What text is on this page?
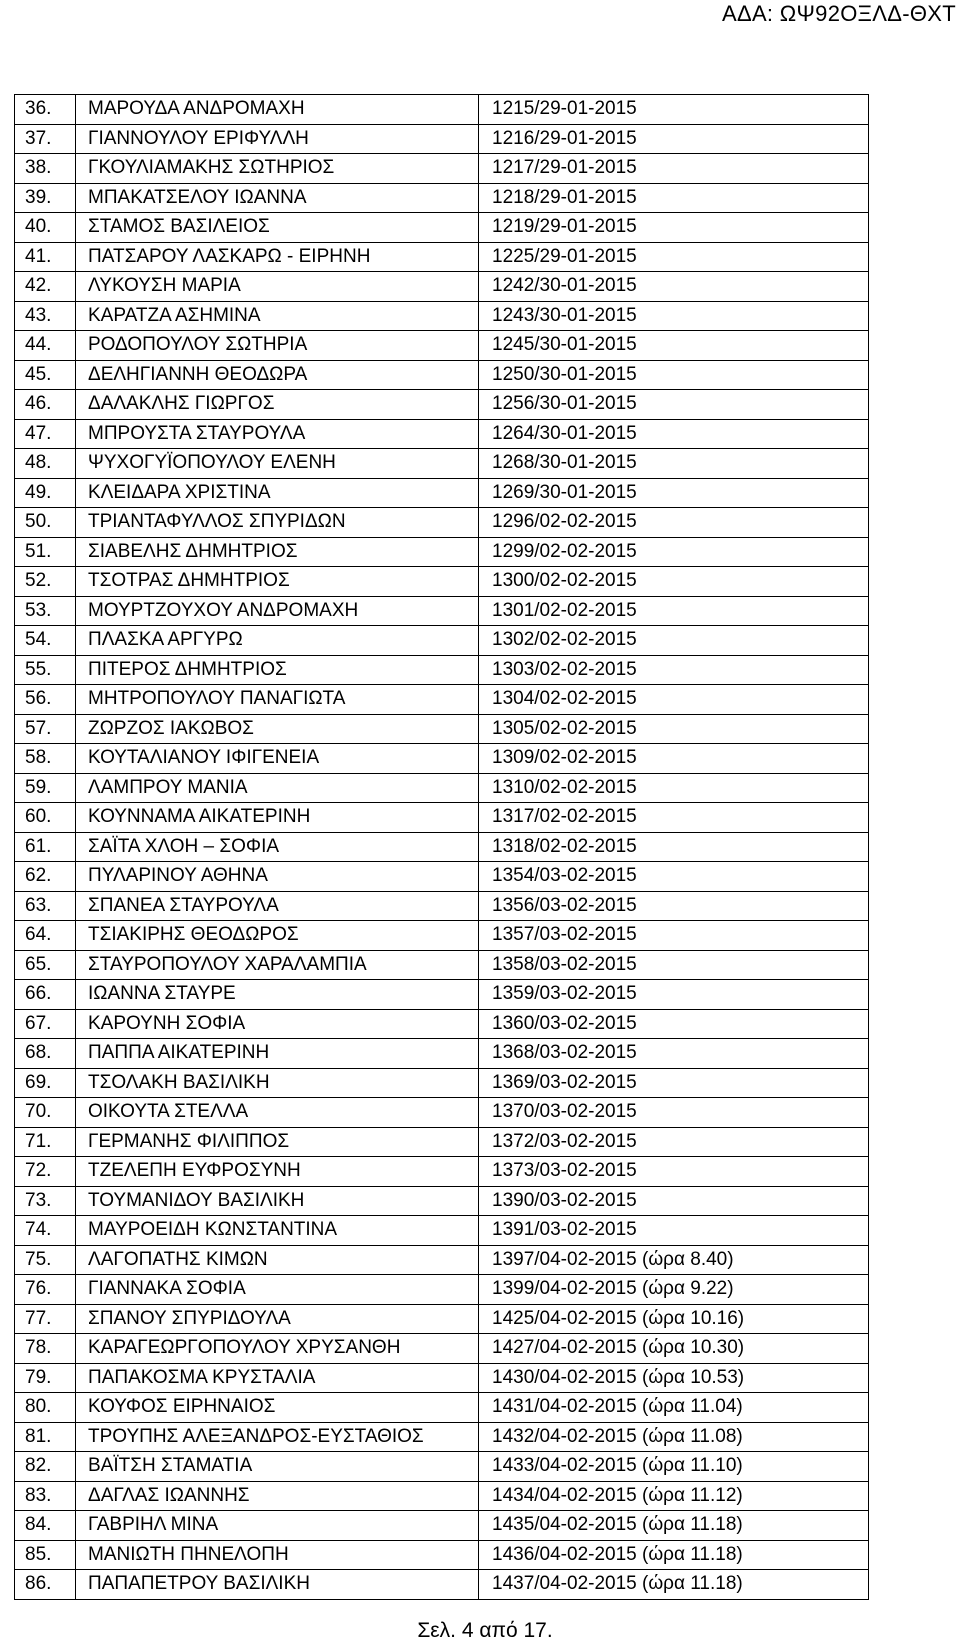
ΑΔΑ: ΩΨ92ΟΞΛΔ-ΘΧΤ
36.	ΜΑΡΟΥΔΑ ΑΝΔΡΟΜΑΧΗ	1215/29-01-2015
37.	ΓΙΑΝΝΟΥΛΟΥ ΕΡΙΦΥΛΛΗ	1216/29-01-2015
38.	ΓΚΟΥΛΙΑΜΑΚΗΣ ΣΩΤΗΡΙΟΣ	1217/29-01-2015
39.	ΜΠΑΚΑΤΣΕΛΟΥ ΙΩΑΝΝΑ	1218/29-01-2015
40.	ΣΤΑΜΟΣ ΒΑΣΙΛΕΙΟΣ	1219/29-01-2015
41.	ΠΑΤΣΑΡΟΥ ΛΑΣΚΑΡΩ - ΕΙΡΗΝΗ	1225/29-01-2015
42.	ΛΥΚΟΥΣΗ ΜΑΡΙΑ	1242/30-01-2015
43.	ΚΑΡΑΤΖΑ ΑΣΗΜΙΝΑ	1243/30-01-2015
44.	ΡΟΔΟΠΟΥΛΟΥ ΣΩΤΗΡΙΑ	1245/30-01-2015
45.	ΔΕΛΗΓΙΑΝΝΗ ΘΕΟΔΩΡΑ	1250/30-01-2015
46.	ΔΑΛΑΚΛΗΣ ΓΙΩΡΓΟΣ	1256/30-01-2015
47.	ΜΠΡΟΥΣΤΑ ΣΤΑΥΡΟΥΛΑ	1264/30-01-2015
48.	ΨΥΧΟΓΥΪΟΠΟΥΛΟΥ ΕΛΕΝΗ	1268/30-01-2015
49.	ΚΛΕΙΔΑΡΑ ΧΡΙΣΤΙΝΑ	1269/30-01-2015
50.	ΤΡΙΑΝΤΑΦΥΛΛΟΣ ΣΠΥΡΙΔΩΝ	1296/02-02-2015
51.	ΣΙΑΒΕΛΗΣ ΔΗΜΗΤΡΙΟΣ	1299/02-02-2015
52.	ΤΣΟΤΡΑΣ ΔΗΜΗΤΡΙΟΣ	1300/02-02-2015
53.	ΜΟΥΡΤΖΟΥΧΟΥ ΑΝΔΡΟΜΑΧΗ	1301/02-02-2015
54.	ΠΛΑΣΚΑ ΑΡΓΥΡΩ	1302/02-02-2015
55.	ΠΙΤΕΡΟΣ ΔΗΜΗΤΡΙΟΣ	1303/02-02-2015
56.	ΜΗΤΡΟΠΟΥΛΟΥ ΠΑΝΑΓΙΩΤΑ	1304/02-02-2015
57.	ΖΩΡΖΟΣ ΙΑΚΩΒΟΣ	1305/02-02-2015
58.	ΚΟΥΤΑΛΙΑΝΟΥ ΙΦΙΓΕΝΕΙΑ	1309/02-02-2015
59.	ΛΑΜΠΡΟΥ ΜΑΝΙΑ	1310/02-02-2015
60.	ΚΟΥΝΝΑΜΑ ΑΙΚΑΤΕΡΙΝΗ	1317/02-02-2015
61.	ΣΑΪΤΑ ΧΛΟΗ – ΣΟΦΙΑ	1318/02-02-2015
62.	ΠΥΛΑΡΙΝΟΥ ΑΘΗΝΑ	1354/03-02-2015
63.	ΣΠΑΝΕΑ ΣΤΑΥΡΟΥΛΑ	1356/03-02-2015
64.	ΤΣΙΑΚΙΡΗΣ ΘΕΟΔΩΡΟΣ	1357/03-02-2015
65.	ΣΤΑΥΡΟΠΟΥΛΟΥ ΧΑΡΑΛΑΜΠΙΑ	1358/03-02-2015
66.	ΙΩΑΝΝΑ ΣΤΑΥΡΕ	1359/03-02-2015
67.	ΚΑΡΟΥΝΗ ΣΟΦΙΑ	1360/03-02-2015
68.	ΠΑΠΠΑ ΑΙΚΑΤΕΡΙΝΗ	1368/03-02-2015
69.	ΤΣΟΛΑΚΗ ΒΑΣΙΛΙΚΗ	1369/03-02-2015
70.	ΟΙΚΟΥΤΑ ΣΤΕΛΛΑ	1370/03-02-2015
71.	ΓΕΡΜΑΝΗΣ ΦΙΛΙΠΠΟΣ	1372/03-02-2015
72.	ΤΖΕΛΕΠΗ ΕΥΦΡΟΣΥΝΗ	1373/03-02-2015
73.	ΤΟΥΜΑΝΙΔΟΥ ΒΑΣΙΛΙΚΗ	1390/03-02-2015
74.	ΜΑΥΡΟΕΙΔΗ ΚΩΝΣΤΑΝΤΙΝΑ	1391/03-02-2015
75.	ΛΑΓΟΠΑΤΗΣ ΚΙΜΩΝ	1397/04-02-2015 (ώρα 8.40)
76.	ΓΙΑΝΝΑΚΑ ΣΟΦΙΑ	1399/04-02-2015 (ώρα 9.22)
77.	ΣΠΑΝΟΥ ΣΠΥΡΙΔΟΥΛΑ	1425/04-02-2015 (ώρα 10.16)
78.	ΚΑΡΑΓΕΩΡΓΟΠΟΥΛΟΥ ΧΡΥΣΑΝΘΗ	1427/04-02-2015 (ώρα 10.30)
79.	ΠΑΠΑΚΟΣΜΑ ΚΡΥΣΤΑΛΙΑ	1430/04-02-2015 (ώρα 10.53)
80.	ΚΟΥΦΟΣ ΕΙΡΗΝΑΙΟΣ	1431/04-02-2015 (ώρα 11.04)
81.	ΤΡΟΥΠΗΣ ΑΛΕΞΑΝΔΡΟΣ-ΕΥΣΤΑΘΙΟΣ	1432/04-02-2015 (ώρα 11.08)
82.	ΒΑΪΤΣΗ ΣΤΑΜΑΤΙΑ	1433/04-02-2015 (ώρα 11.10)
83.	ΔΑΓΛΑΣ ΙΩΑΝΝΗΣ	1434/04-02-2015 (ώρα 11.12)
84.	ΓΑΒΡΙΗΛ ΜΙΝΑ	1435/04-02-2015 (ώρα 11.18)
85.	ΜΑΝΙΩΤΗ ΠΗΝΕΛΟΠΗ	1436/04-02-2015 (ώρα 11.18)
86.	ΠΑΠΑΠΕΤΡΟΥ ΒΑΣΙΛΙΚΗ	1437/04-02-2015 (ώρα 11.18)
Σελ. 4 από 17.
